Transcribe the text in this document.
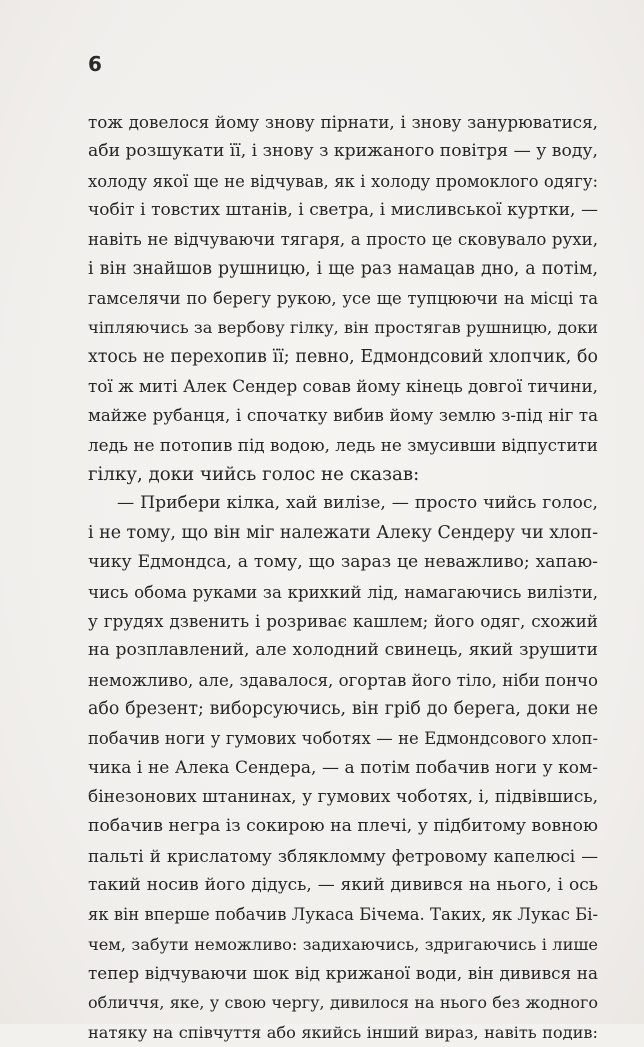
6
тож довелося йому знову пірнати, і знову занурюватися,
аби розшукати її, і знову з крижаного повітря — у воду,
холоду якої ще не відчував, як і холоду промоклого одягу:
чобіт і товстих штанів, і светра, і мисливської куртки, —
навіть не відчуваючи тягаря, а просто це сковувало рухи,
і він знайшов рушницю, і ще раз намацав дно, а потім,
гамселячи по берегу рукою, усе ще тупцюючи на місці та
чіпляючись за вербову гілку, він простягав рушницю, доки
хтось не перехопив її; певно, Едмондсовий хлопчик, бо
тої ж миті Алек Сендер совав йому кінець довгої тичини,
майже рубанця, і спочатку вибив йому землю з-під ніг та
ледь не потопив під водою, ледь не змусивши відпустити
гілку, доки чийсь голос не сказав:
— Прибери кілка, хай вилізе, — просто чийсь голос,
і не тому, що він міг належати Алеку Сендеру чи хлоп-
чику Едмондса, а тому, що зараз це неважливо; хапаю-
чись обома руками за крихкий лід, намагаючись вилізти,
у грудях дзвенить і розриває кашлем; його одяг, схожий
на розплавлений, але холодний свинець, який зрушити
неможливо, але, здавалося, огортав його тіло, ніби пончо
або брезент; виборсуючись, він гріб до берега, доки не
побачив ноги у гумових чоботях — не Едмондсового хлоп-
чика і не Алека Сендера, — а потім побачив ноги у ком-
бінезонових штанинах, у гумових чоботях, і, підвівшись,
побачив негра із сокирою на плечі, у підбитому вовною
пальті й крислатому зблякломму фетровому капелюсі —
такий носив його дідусь, — який дивився на нього, і ось
як він вперше побачив Лукаса Бічема. Таких, як Лукас Бі-
чем, забути неможливо: задихаючись, здригаючись і лише
тепер відчуваючи шок від крижаної води, він дивився на
обличчя, яке, у свою чергу, дивилося на нього без жодного
натяку на співчуття або якийсь інший вираз, навіть подив:
